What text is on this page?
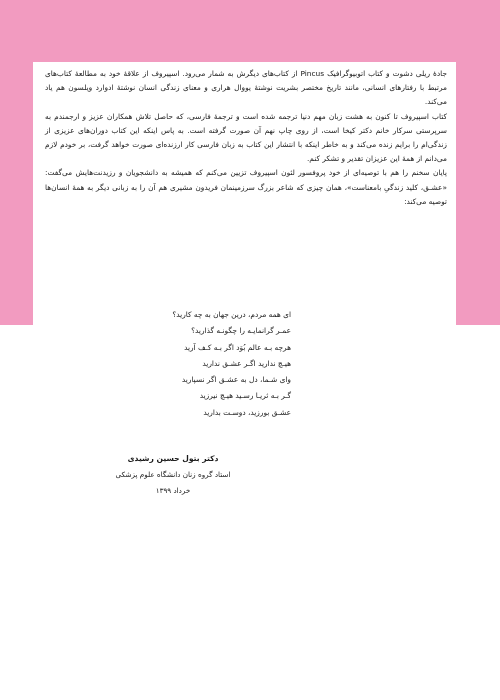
جادهٔ ریلی دشوت و کتاب اتوبیوگرافیک Pincus از کتاب‌های دیگرش به شمار می‌رود. اسپیروف از علاقهٔ خود به مطالعهٔ کتاب‌های مرتبط با رفتارهای انسانی، مانند تاریخ مختصر بشریت نوشتهٔ یووال هراری و معنای زندگی انسان نوشتهٔ ادوارد ویلسون هم یاد می‌کند.

کتاب اسپیروف تا کنون به هشت زبان مهم دنیا ترجمه شده است و ترجمهٔ فارسی، که حاصل تلاش همکاران عزیز و ارجمندم به سرپرستی سرکار خانم دکتر کیخا است، از روی چاپ نهم آن صورت گرفته است. به پاس اینکه این کتاب دوران‌های عزیزی از زندگی‌ام را برایم زنده می‌کند و به خاطر اینکه با انتشار این کتاب به زبان فارسی کار ارزنده‌ای صورت خواهد گرفت، بر خودم لازم می‌دانم از همهٔ این عزیزان تقدیر و تشکر کنم.

پایان سخنم را هم با توصیه‌ای از خود پروفسور لئون اسپیروف تزیین می‌کنم که همیشه به دانشجویان و رزیدنت‌هایش می‌گفت: «عشـق، کلید زندگیِ بامعناست»، همان چیزی که شاعر بزرگ سرزمینمان فریدون مشیری هم آن را به زبانی دیگر به همهٔ انسان‌ها توصیه می‌کند:

ای همه مردم، درین جهان به چه کارید؟
عمـر گرانمایـه را چگونـه گذارید؟
هرچه بـه عالم بُوَد اگر بـه کـف آرید
هیـچ ندارید اگـر عشـق ندارید
وای شـما، دل به عشـق اگر نسپارید
گـر بـه ثریـا رسـید هیـچ نیرزید
عشـق بورزید، دوسـت بدارید
دکتر بتول حسین رشیدی
استاد گروه زنان دانشگاه علوم پزشکی
خرداد ۱۳۹۹
